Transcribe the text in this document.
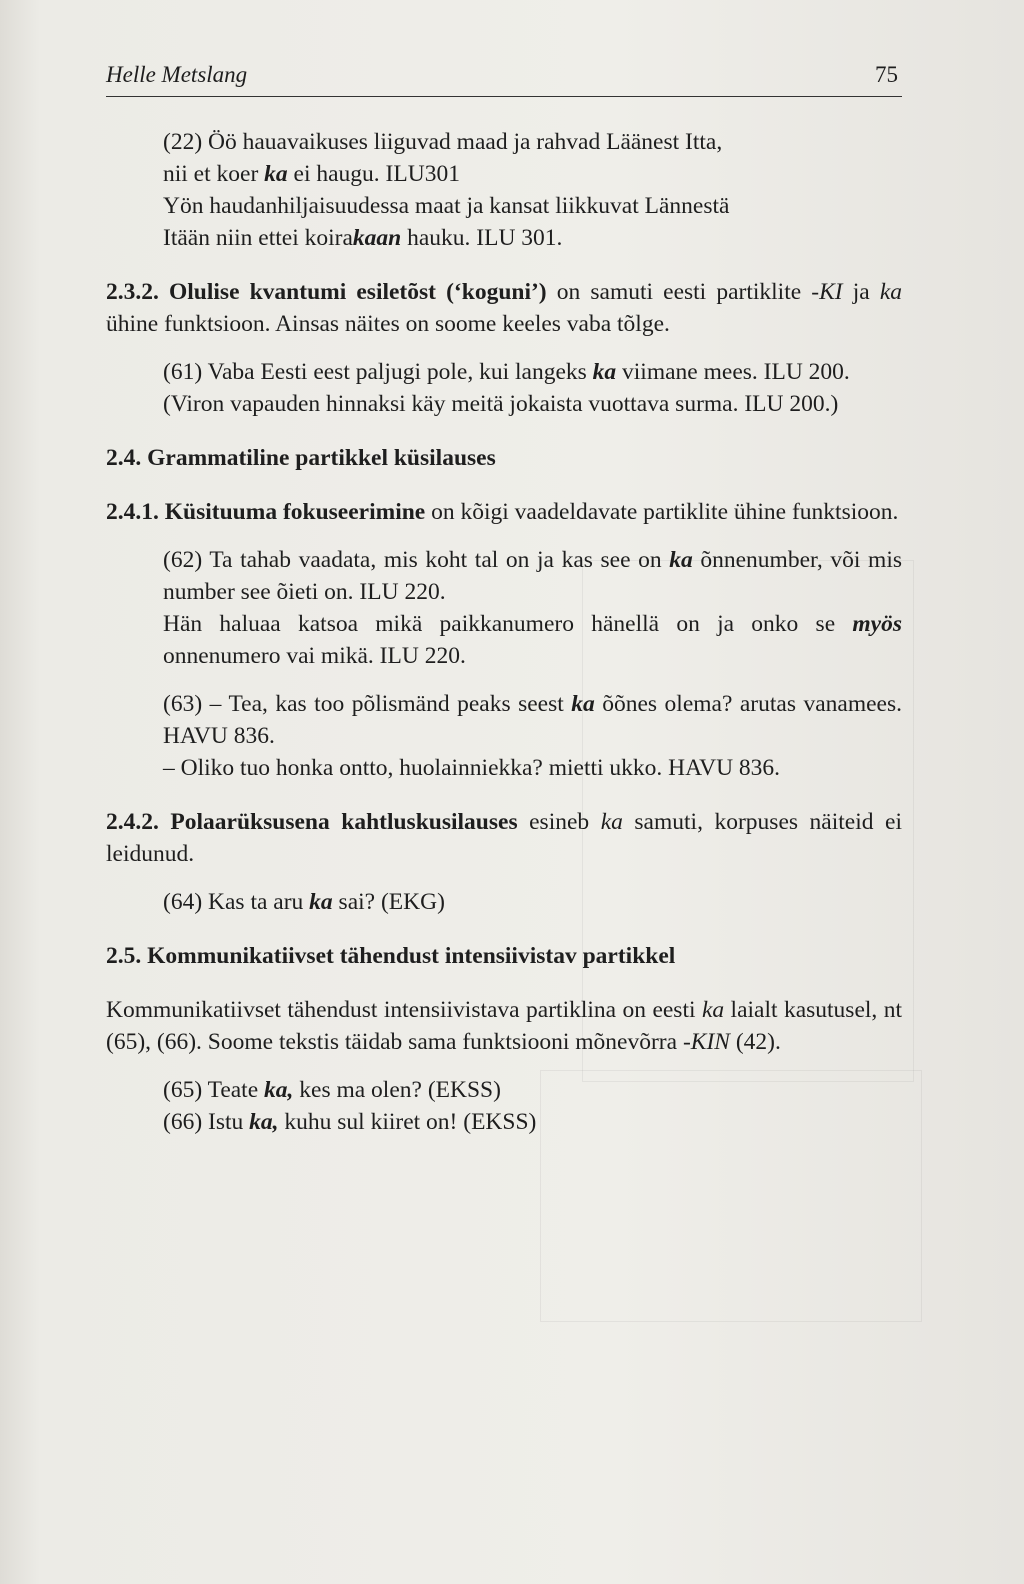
Helle Metslang	75

(22) Öö hauavaikuses liiguvad maad ja rahvad Läänest Itta,

nii et koer ka ei haugu. ILU301

Yön haudanhiljaisuudessa maat ja kansat liikkuvat Lännestä

Itään niin ettei koirakaan hauku. ILU 301.

2.3.2. Olulise kvantumi esiletõst (‘koguni’) on samuti eesti partiklite -KI ja ka ühine funktsioon. Ainsas näites on soome keeles vaba tõlge.

(61) Vaba Eesti eest paljugi pole, kui langeks ka viimane mees. ILU 200.

(Viron vapauden hinnaksi käy meitä jokaista vuottava surma. ILU 200.)

2.4. Grammatiline partikkel küsilauses

2.4.1. Küsituuma fokuseerimine on kõigi vaadeldavate partiklite ühine funktsioon.

(62) Ta tahab vaadata, mis koht tal on ja kas see on ka õnnenumber, või mis number see õieti on. ILU 220.

Hän haluaa katsoa mikä paikkanumero hänellä on ja onko se myös onnenumero vai mikä. ILU 220.

(63) – Tea, kas too põlismänd peaks seest ka õõnes olema? arutas vanamees. HAVU 836.

– Oliko tuo honka ontto, huolainniekka? mietti ukko. HAVU 836.

2.4.2. Polaarüksusena kahtluskusilauses esineb ka samuti, korpuses näiteid ei leidunud.

(64) Kas ta aru ka sai? (EKG)

2.5. Kommunikatiivset tähendust intensiivistav partikkel

Kommunikatiivset tähendust intensiivistava partiklina on eesti ka laialt kasutusel, nt (65), (66). Soome tekstis täidab sama funktsiooni mõnevõrra -KIN (42).

(65) Teate ka, kes ma olen? (EKSS)

(66) Istu ka, kuhu sul kiiret on! (EKSS)
